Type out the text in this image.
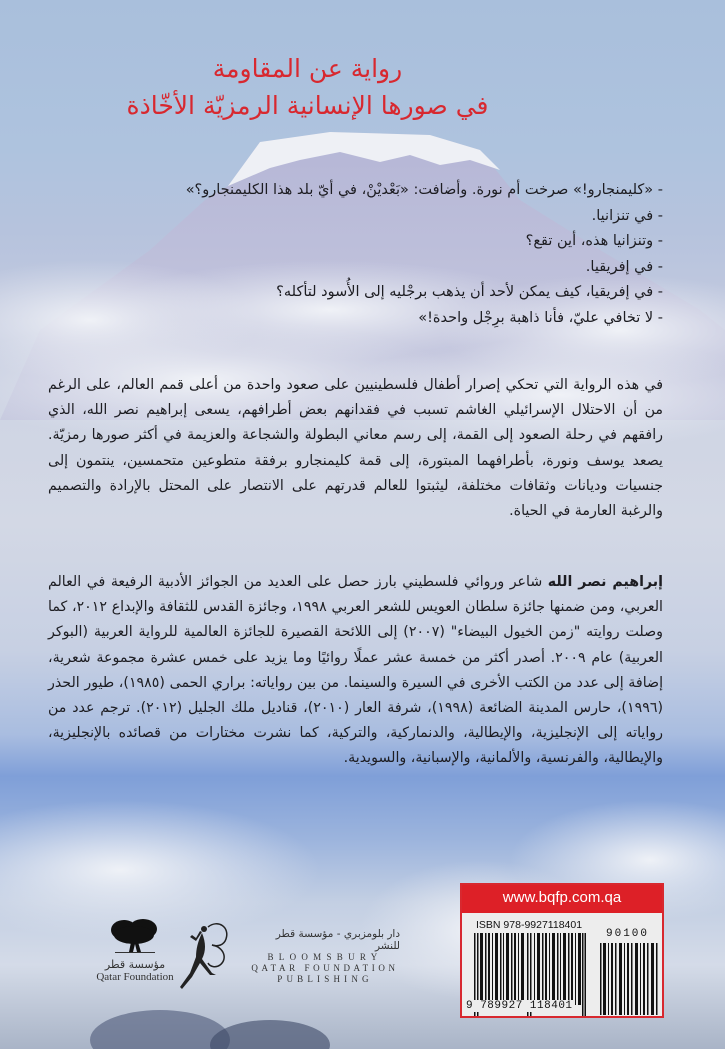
رواية عن المقاومة
في صورها الإنسانية الرمزيّة الأخّاذة
- «كليمنجارو!» صرخت أم نورة. وأضافت: «بَعْديْنْ، في أيّ بلد هذا الكليمنجارو؟»
- في تنزانيا.
- وتنزانيا هذه، أين تقع؟
- في إفريقيا.
- في إفريقيا، كيف يمكن لأحد أن يذهب برجْليه إلى الأُسود لتأكله؟
- لا تخافي عليّ، فأنا ذاهبة برِجْل واحدة!»
في هذه الرواية التي تحكي إصرار أطفال فلسطينيين على صعود واحدة من أعلى قمم العالم، على الرغم من أن الاحتلال الإسرائيلي الغاشم تسبب في فقدانهم بعض أطرافهم، يسعى إبراهيم نصر الله، الذي رافقهم في رحلة الصعود إلى القمة، إلى رسم معاني البطولة والشجاعة والعزيمة في أكثر صورها رمزيّة. يصعد يوسف ونورة، بأطرافهما المبتورة، إلى قمة كليمنجارو برفقة متطوعين متحمسين، ينتمون إلى جنسيات وديانات وثقافات مختلفة، ليثبتوا للعالم قدرتهم على الانتصار على المحتل بالإرادة والتصميم والرغبة العارمة في الحياة.
إبراهيم نصر الله شاعر وروائي فلسطيني بارز حصل على العديد من الجوائز الأدبية الرفيعة في العالم العربي، ومن ضمنها جائزة سلطان العويس للشعر العربي ١٩٩٨، وجائزة القدس للثقافة والإبداع ٢٠١٢، كما وصلت روايته "زمن الخيول البيضاء" (٢٠٠٧) إلى اللائحة القصيرة للجائزة العالمية للرواية العربية (البوكر العربية) عام ٢٠٠٩. أصدر أكثر من خمسة عشر عملًا روائيًا وما يزيد على خمس عشرة مجموعة شعرية، إضافة إلى عدد من الكتب الأخرى في السيرة والسينما. من بين رواياته: براري الحمى (١٩٨٥)، طيور الحذر (١٩٩٦)، حارس المدينة الضائعة (١٩٩٨)، شرفة العار (٢٠١٠)، قناديل ملك الجليل (٢٠١٢). ترجم عدد من رواياته إلى الإنجليزية، والإيطالية، والدنماركية، والتركية، كما نشرت مختارات من قصائده بالإنجليزية، والإيطالية، والفرنسية، والألمانية، والإسبانية، والسويدية.
مؤسسة قطر
Qatar Foundation
دار بلومزبري - مؤسسة قطر للنشر
BLOOMSBURY
QATAR FOUNDATION
PUBLISHING
www.bqfp.com.qa
ISBN 978-9927118401
90100
9 789927 118401
